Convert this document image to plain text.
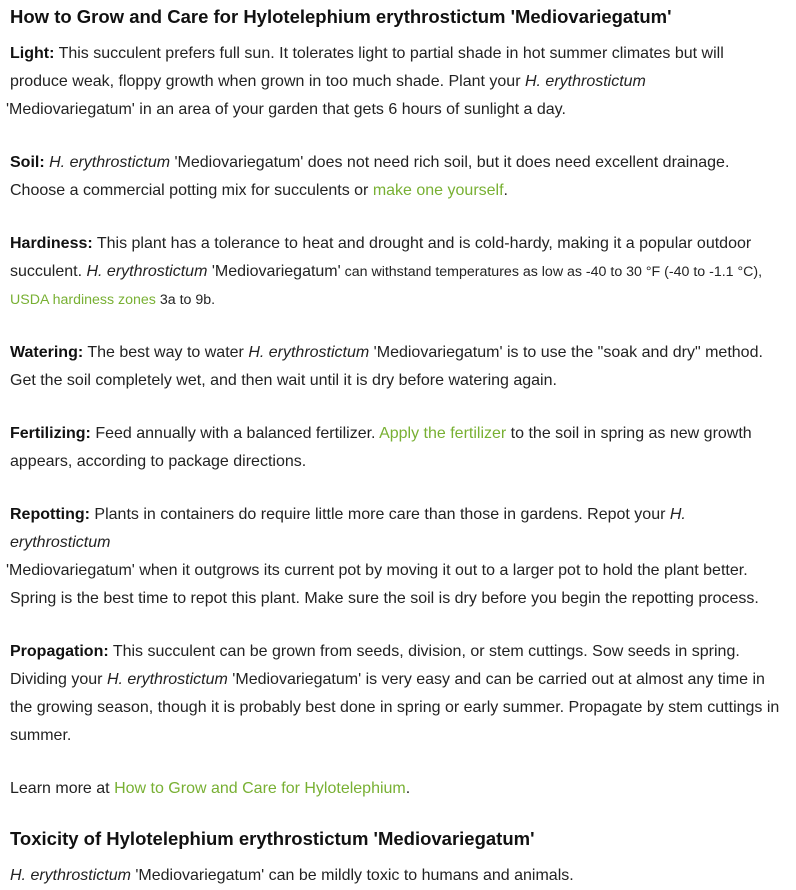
How to Grow and Care for Hylotelephium erythrostictum 'Mediovariegatum'

Light: This succulent prefers full sun. It tolerates light to partial shade in hot summer climates but will produce weak, floppy growth when grown in too much shade. Plant your H. erythrostictum
'Mediovariegatum' in an area of your garden that gets 6 hours of sunlight a day.

Soil: H. erythrostictum 'Mediovariegatum' does not need rich soil, but it does need excellent drainage. Choose a commercial potting mix for succulents or make one yourself.

Hardiness: This plant has a tolerance to heat and drought and is cold-hardy, making it a popular outdoor succulent. H. erythrostictum 'Mediovariegatum' can withstand temperatures as low as -40 to 30 °F (-40 to -1.1 °C),
USDA hardiness zones 3a to 9b.

Watering: The best way to water H. erythrostictum 'Mediovariegatum' is to use the "soak and dry" method. Get the soil completely wet, and then wait until it is dry before watering again.

Fertilizing: Feed annually with a balanced fertilizer. Apply the fertilizer to the soil in spring as new growth appears, according to package directions.

Repotting: Plants in containers do require little more care than those in gardens. Repot your H. erythrostictum
'Mediovariegatum' when it outgrows its current pot by moving it out to a larger pot to hold the plant better. Spring is the best time to repot this plant. Make sure the soil is dry before you begin the repotting process.

Propagation: This succulent can be grown from seeds, division, or stem cuttings. Sow seeds in spring. Dividing your H. erythrostictum 'Mediovariegatum' is very easy and can be carried out at almost any time in the growing season, though it is probably best done in spring or early summer. Propagate by stem cuttings in summer.

Learn more at How to Grow and Care for Hylotelephium.

Toxicity of Hylotelephium erythrostictum 'Mediovariegatum'

H. erythrostictum 'Mediovariegatum' can be mildly toxic to humans and animals.
